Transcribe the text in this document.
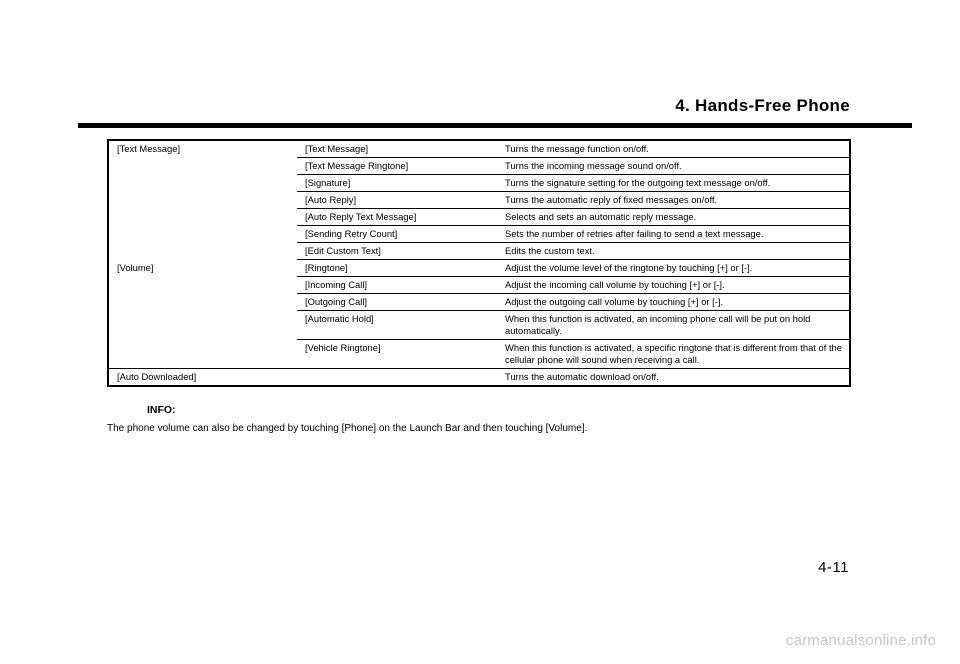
4. Hands-Free Phone
[Text Message]	[Text Message]	Turns the message function on/off.
	[Text Message Ringtone]	Turns the incoming message sound on/off.
	[Signature]	Turns the signature setting for the outgoing text message on/off.
	[Auto Reply]	Turns the automatic reply of fixed messages on/off.
	[Auto Reply Text Message]	Selects and sets an automatic reply message.
	[Sending Retry Count]	Sets the number of retries after failing to send a text message.
	[Edit Custom Text]	Edits the custom text.
[Volume]	[Ringtone]	Adjust the volume level of the ringtone by touching [+] or [-].
	[Incoming Call]	Adjust the incoming call volume by touching [+] or [-].
	[Outgoing Call]	Adjust the outgoing call volume by touching [+] or [-].
	[Automatic Hold]	When this function is activated, an incoming phone call will be put on hold automatically.
	[Vehicle Ringtone]	When this function is activated, a specific ringtone that is different from that of the cellular phone will sound when receiving a call.
[Auto Downloaded]		Turns the automatic download on/off.
INFO:
The phone volume can also be changed by touching [Phone] on the Launch Bar and then touching [Volume].
4-11
carmanualsonline.info
